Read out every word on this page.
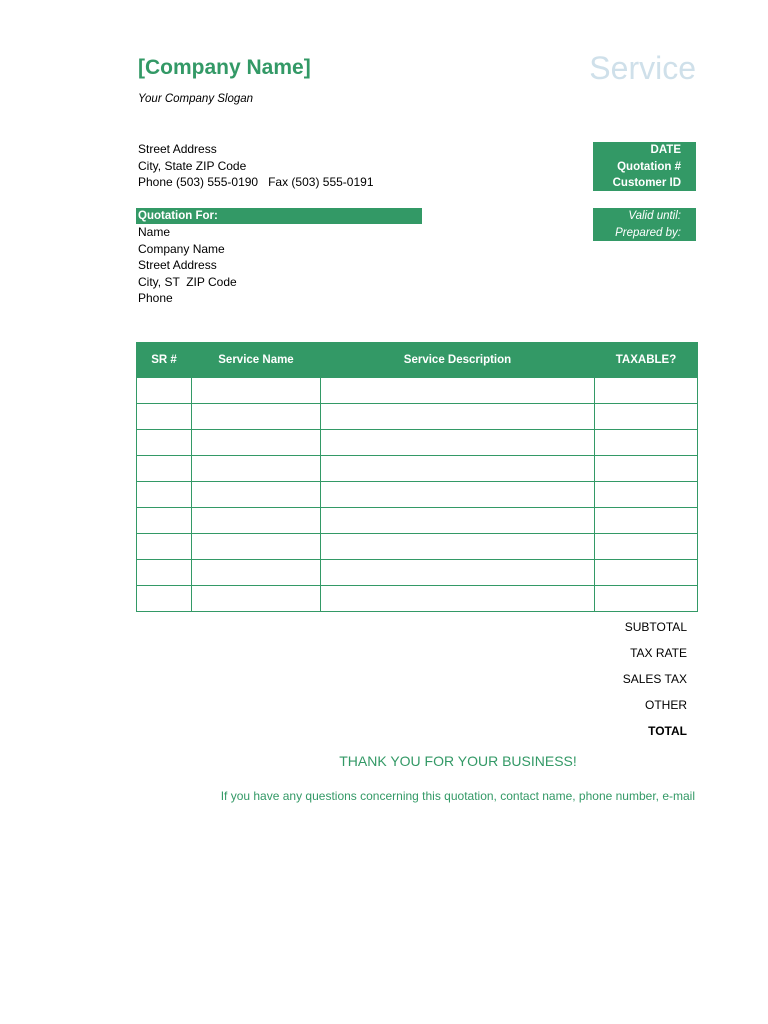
[Company Name]	Service
Your Company Slogan
Street Address
City, State ZIP Code
Phone (503) 555-0190   Fax (503) 555-0191
DATE
Quotation #
Customer ID
Quotation For:	Valid until:
Prepared by:
Name
Company Name
Street Address
City, ST  ZIP Code
Phone
SR #	Service Name	Service Description	TAXABLE?

SUBTOTAL
TAX RATE
SALES TAX
OTHER
TOTAL
THANK YOU FOR YOUR BUSINESS!
If you have any questions concerning this quotation, contact name, phone number, e-mail
